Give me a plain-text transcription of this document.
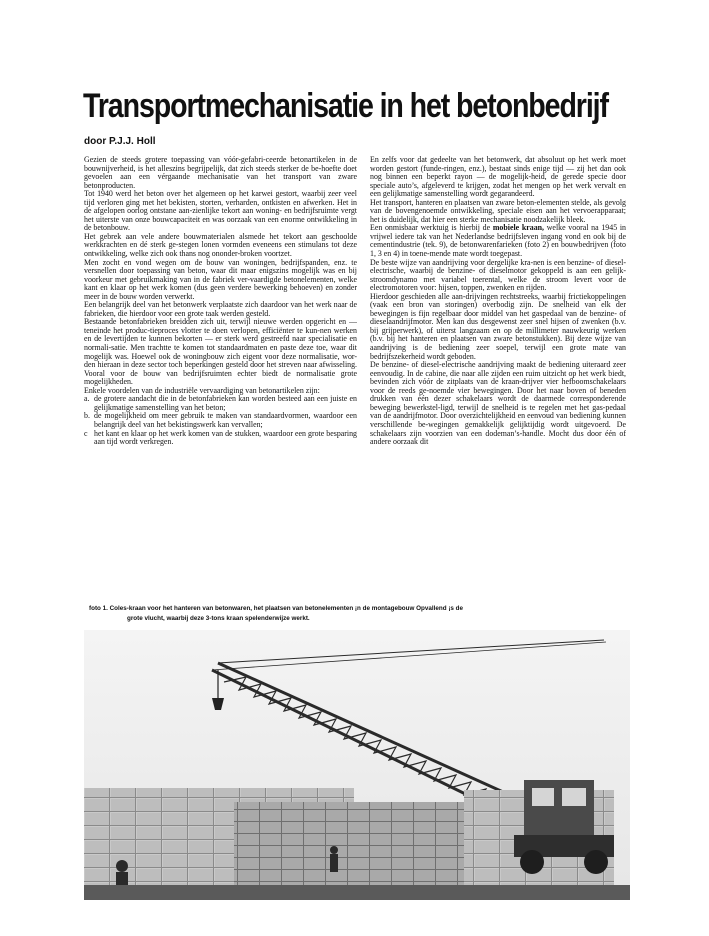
Transportmechanisatie in het betonbedrijf

door P.J.J. Holl

Gezien de steeds grotere toepassing van vóór-gefabri-ceerde betonartikelen in de bouwnijverheid, is het alleszins begrijpelijk, dat zich steeds sterker de be-hoefte doet gevoelen aan een vérgaande mechanisatie van het transport van zware betonproducten.

Tot 1940 werd het beton over het algemeen op het karwei gestort, waarbij zeer veel tijd verloren ging met het bekisten, storten, verharden, ontkisten en afwerken. Het in de afgelopen oorlog ontstane aan-zienlijke tekort aan woning- en bedrijfsruimte vergt het uiterste van onze bouwcapaciteit en was oorzaak van een enorme ontwikkeling in de betonbouw.

Het gebrek aan vele andere bouwmaterialen alsmede het tekort aan geschoolde werkkrachten en dé sterk ge-stegen lonen vormden eveneens een stimulans tot deze ontwikkeling, welke zich ook thans nog ononder-broken voortzet.

Men zocht en vond wegen om de bouw van woningen, bedrijfspanden, enz. te versnellen door toepassing van beton, waar dit maar enigszins mogelijk was en bij voorkeur met gebruikmaking van in de fabriek ver-vaardigde betonelementen, welke kant en klaar op het werk komen (dus geen verdere bewerking behoeven) en zonder meer in de bouw worden verwerkt.

Een belangrijk deel van het betonwerk verplaatste zich daardoor van het werk naar de fabrieken, die hierdoor voor een grote taak werden gesteld.

Bestaande betonfabrieken breidden zich uit, terwijl nieuwe werden opgericht en — teneinde het produc-tieproces vlotter te doen verlopen, efficiënter te kun-nen werken en de levertijden te kunnen bekorten — er sterk werd gestreefd naar specialisatie en normali-satie. Men trachtte te komen tot standaardmaten en paste deze toe, waar dit mogelijk was. Hoewel ook de woningbouw zich eigent voor deze normalisatie, wor-den hieraan in deze sector toch beperkingen gesteld door het streven naar afwisseling. Vooral voor de bouw van bedrijfsruimten echter biedt de normalisatie grote mogelijkheden.

Enkele voordelen van de industriële vervaardiging van betonartikelen zijn:

a. de grotere aandacht die in de betonfabrieken kan worden besteed aan een juiste en gelijkmatige samenstelling van het beton;
b. de mogelijkheid om meer gebruik te maken van standaardvormen, waardoor een belangrijk deel van het bekistingswerk kan vervallen;
c het kant en klaar op het werk komen van de stukken, waardoor een grote besparing aan tijd wordt verkregen.

En zelfs voor dat gedeelte van het betonwerk, dat absoluut op het werk moet worden gestort (funde-ringen, enz.), bestaat sinds enige tijd — zij het dan ook nog binnen een beperkt rayon — de mogelijk-heid, de gerede specie door speciale auto’s, afgeleverd te krijgen, zodat het mengen op het werk vervalt en een gelijkmatige samenstelling wordt gegarandeerd.

Het transport, hanteren en plaatsen van zware beton-elementen stelde, als gevolg van de bovengenoemde ontwikkeling, speciale eisen aan het vervoerapparaat; het is duidelijk, dat hier een sterke mechanisatie noodzakelijk bleek.

Een onmisbaar werktuig is hierbij de mobiele kraan, welke vooral na 1945 in vrijwel iedere tak van het Nederlandse bedrijfsleven ingang vond en ook bij de cementindustrie (tek. 9), de betonwarenfarieken (foto 2) en bouwbedrijven (foto 1, 3 en 4) in toene-mende mate wordt toegepast.

De beste wijze van aandrijving voor dergelijke kra-nen is een benzine- of diesel-electrische, waarbij de benzine- of dieselmotor gekoppeld is aan een gelijk-stroomdynamo met variabel toerental, welke de stroom levert voor de electromotoren voor: hijsen, toppen, zwenken en rijden.

Hierdoor geschieden alle aan-drijvingen rechtstreeks, waarbij frictiekoppelingen (vaak een bron van storingen) overbodig zijn. De snelheid van elk der bewegingen is fijn regelbaar door middel van het gaspedaal van de benzine- of dieselaandrijfmotor. Men kan dus desgewenst zeer snel hijsen of zwenken (b.v. bij grijperwerk), of uiterst langzaam en op de millimeter nauwkeurig werken (b.v. bij het hanteren en plaatsen van zware betonstukken). Bij deze wijze van aandrijving is de bediening zeer soepel, terwijl een grote mate van bedrijfszekerheid wordt geboden.

De benzine- of diesel-electrische aandrijving maakt de bediening uiteraard zeer eenvoudig. In de cabine, die naar alle zijden een ruim uitzicht op het werk biedt, bevinden zich vóór de zitplaats van de kraan-drijver vier hefboomschakelaars voor de reeds ge-noemde vier bewegingen. Door het naar boven of beneden drukken van één dezer schakelaars wordt de daarmede corresponderende beweging bewerkstel-ligd, terwijl de snelheid is te regelen met het gas-pedaal van de aandrijfmotor. Door overzichtelijkheid en eenvoud van bediening kunnen verschillende be-wegingen gemakkelijk gelijktijdig wordt uitgevoerd. De schakelaars zijn voorzien van een dodeman’s-handle. Mocht dus door één of andere oorzaak dit

foto 1. Coles-kraan voor het hanteren van betonwaren, het plaatsen van betonelementen ¡n de montagebouw Opvallend ¡s de
grote vlucht, waarbij deze 3-tons kraan spelenderwijze werkt.
